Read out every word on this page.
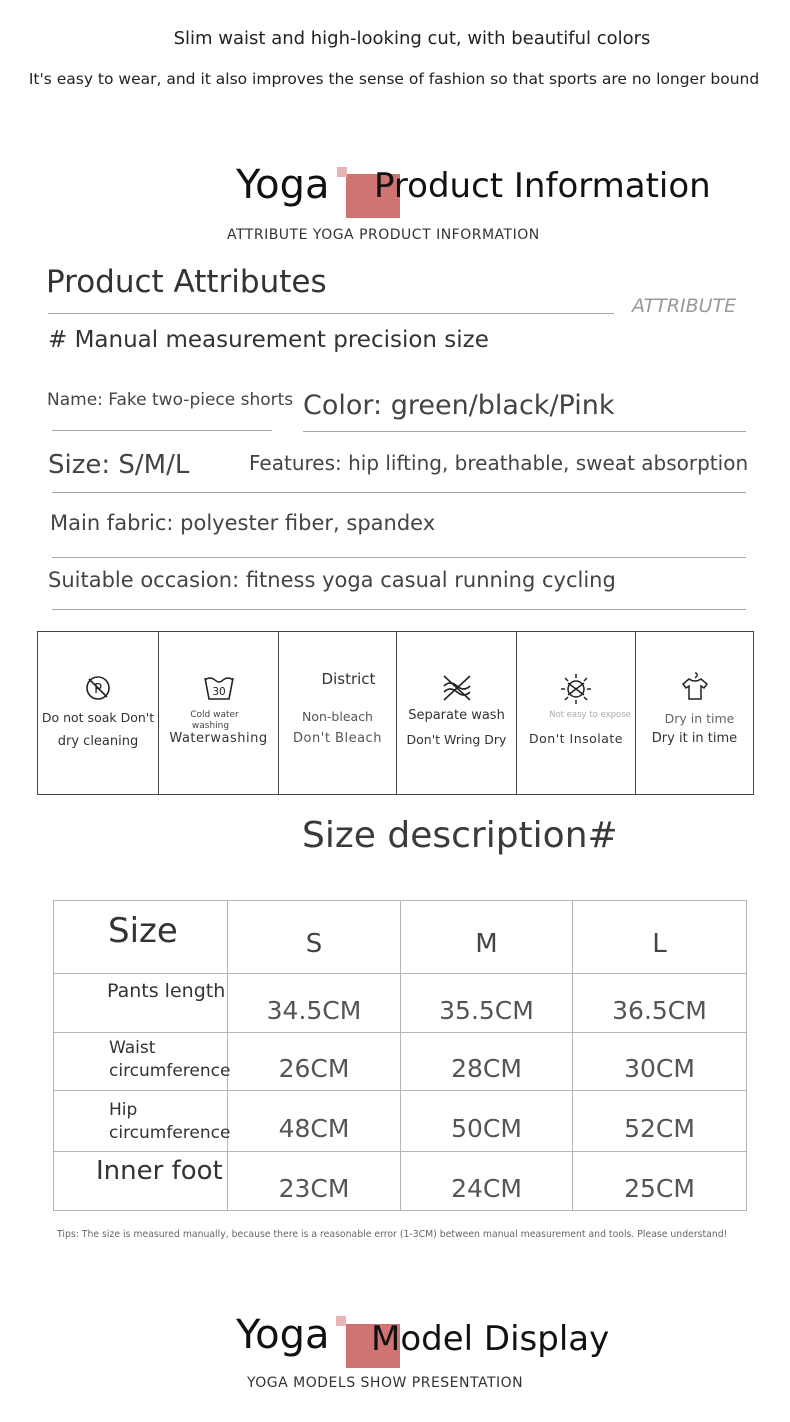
Slim waist and high-looking cut, with beautiful colors
It's easy to wear, and it also improves the sense of fashion so that sports are no longer bound
Yoga Product Information
ATTRIBUTE YOGA PRODUCT INFORMATION
Product Attributes
ATTRIBUTE
# Manual measurement precision size
Name: Fake two-piece shorts Color: green/black/Pink
Size: S/M/L	Features: hip lifting, breathable, sweat absorption
Main fabric: polyester fiber, spandex
Suitable occasion: fitness yoga casual running cycling
P
Do not soak Don't
dry cleaning
30
Cold water
washing
Waterwashing
District
Non-bleach
Don't Bleach
Separate wash
Don't Wring Dry
Not easy to expose
Don't Insolate
Dry in time
Dry it in time
Size description#
Size	S	M	L

Pants length	34.5CM	35.5CM	36.5CM

Waist circumference	26CM	28CM	30CM

Hip circumference	48CM	50CM	52CM

Inner foot	23CM	24CM	25CM
Tips: The size is measured manually, because there is a reasonable error (1-3CM) between manual measurement and tools. Please understand!
Yoga Model Display
YOGA MODELS SHOW PRESENTATION
